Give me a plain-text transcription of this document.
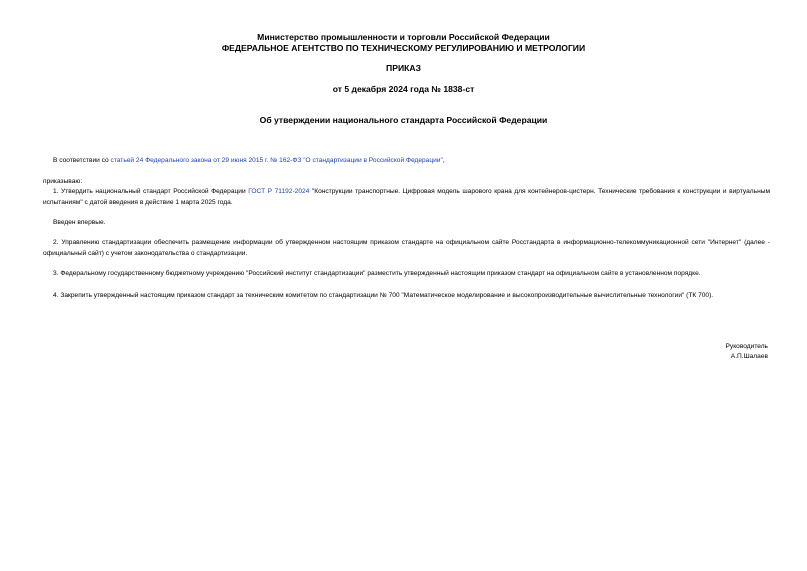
Министерство промышленности и торговли Российской Федерации
ФЕДЕРАЛЬНОЕ АГЕНТСТВО ПО ТЕХНИЧЕСКОМУ РЕГУЛИРОВАНИЮ И МЕТРОЛОГИИ
ПРИКАЗ
от 5 декабря 2024 года № 1838-ст
Об утверждении национального стандарта Российской Федерации
В соответствии со статьей 24 Федерального закона от 29 июня 2015 г. № 162-ФЗ "О стандартизации в Российской Федерации",
приказываю:
1. Утвердить национальный стандарт Российской Федерации ГОСТ Р 71192-2024 "Конструкции транспортные. Цифровая модель шарового крана для контейнеров-цистерн. Технические требования к конструкции и виртуальным испытаниям" с датой введения в действие 1 марта 2025 года.
Введен впервые.
2. Управлению стандартизации обеспечить размещение информации об утвержденном настоящим приказом стандарте на официальном сайте Росстандарта в информационно-телекоммуникационной сети "Интернет" (далее - официальный сайт) с учетом законодательства о стандартизации.
3. Федеральному государственному бюджетному учреждению "Российский институт стандартизации" разместить утвержденный настоящим приказом стандарт на официальном сайте в установленном порядке.
4. Закрепить утвержденный настоящим приказом стандарт за техническим комитетом по стандартизации № 700 "Математическое моделирование и высокопроизводительные вычислительные технологии" (ТК 700).
Руководитель
А.П.Шалаев
